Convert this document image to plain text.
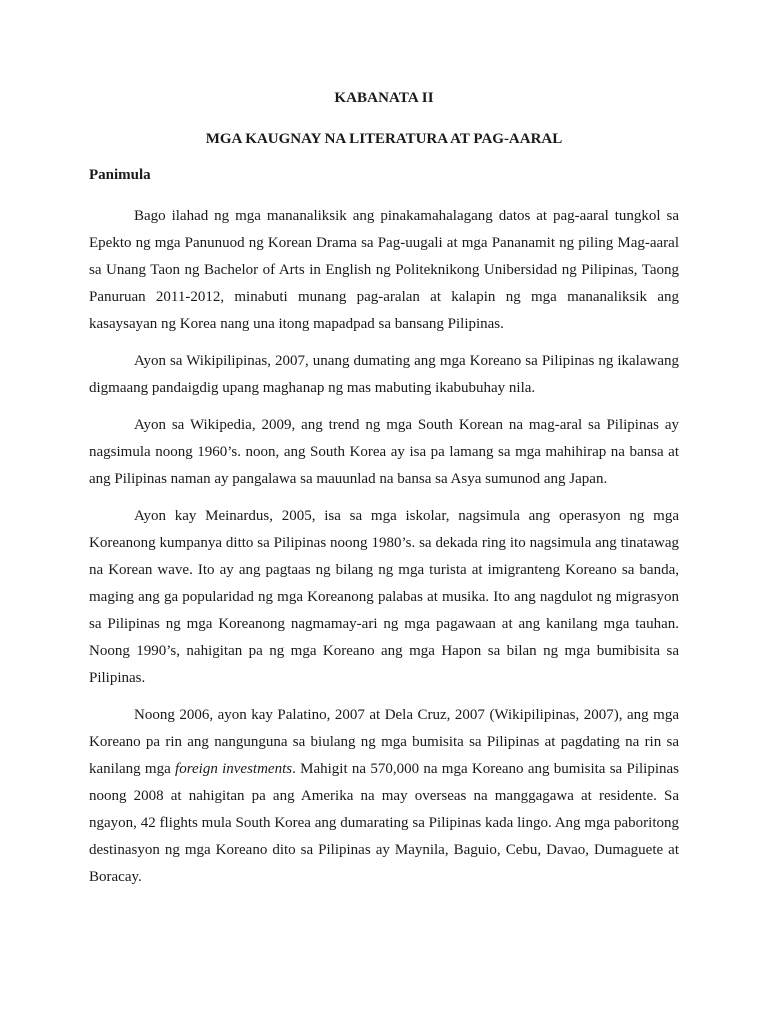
KABANATA II
MGA KAUGNAY NA LITERATURA AT PAG-AARAL
Panimula

Bago ilahad ng mga mananaliksik ang pinakamahalagang datos at pag-aaral tungkol sa Epekto ng mga Panunuod ng Korean Drama sa Pag-uugali at mga Pananamit ng piling Mag-aaral sa Unang Taon ng Bachelor of Arts in English ng Politeknikong Unibersidad ng Pilipinas, Taong Panuruan 2011-2012, minabuti munang pag-aralan at kalapin ng mga mananaliksik ang kasaysayan ng Korea nang una itong mapadpad sa bansang Pilipinas.

Ayon sa Wikipilipinas, 2007, unang dumating ang mga Koreano sa Pilipinas ng ikalawang digmaang pandaigdig upang maghanap ng mas mabuting ikabubuhay nila.

Ayon sa Wikipedia, 2009, ang trend ng mga South Korean na mag-aral sa Pilipinas ay nagsimula noong 1960’s. noon, ang South Korea ay isa pa lamang sa mga mahihirap na bansa at ang Pilipinas naman ay pangalawa sa mauunlad na bansa sa Asya sumunod ang Japan.

Ayon kay Meinardus, 2005, isa sa mga iskolar, nagsimula ang operasyon ng mga Koreanong kumpanya ditto sa Pilipinas noong 1980’s. sa dekada ring ito nagsimula ang tinatawag na Korean wave. Ito ay ang pagtaas ng bilang ng mga turista at imigranteng Koreano sa banda, maging ang ga popularidad ng mga Koreanong palabas at musika. Ito ang nagdulot ng migrasyon sa Pilipinas ng mga Koreanong nagmamay-ari ng mga pagawaan at ang kanilang mga tauhan. Noong 1990’s, nahigitan pa ng mga Koreano ang mga Hapon sa bilan ng mga bumibisita sa Pilipinas.

Noong 2006, ayon kay Palatino, 2007 at Dela Cruz, 2007 (Wikipilipinas, 2007), ang mga Koreano pa rin ang nangunguna sa biulang ng mga bumisita sa Pilipinas at pagdating na rin sa kanilang mga foreign investments. Mahigit na 570,000 na mga Koreano ang bumisita sa Pilipinas noong 2008 at nahigitan pa ang Amerika na may overseas na manggagawa at residente. Sa ngayon, 42 flights mula South Korea ang dumarating sa Pilipinas kada lingo. Ang mga paboritong destinasyon ng mga Koreano dito sa Pilipinas ay Maynila, Baguio, Cebu, Davao, Dumaguete at Boracay.
